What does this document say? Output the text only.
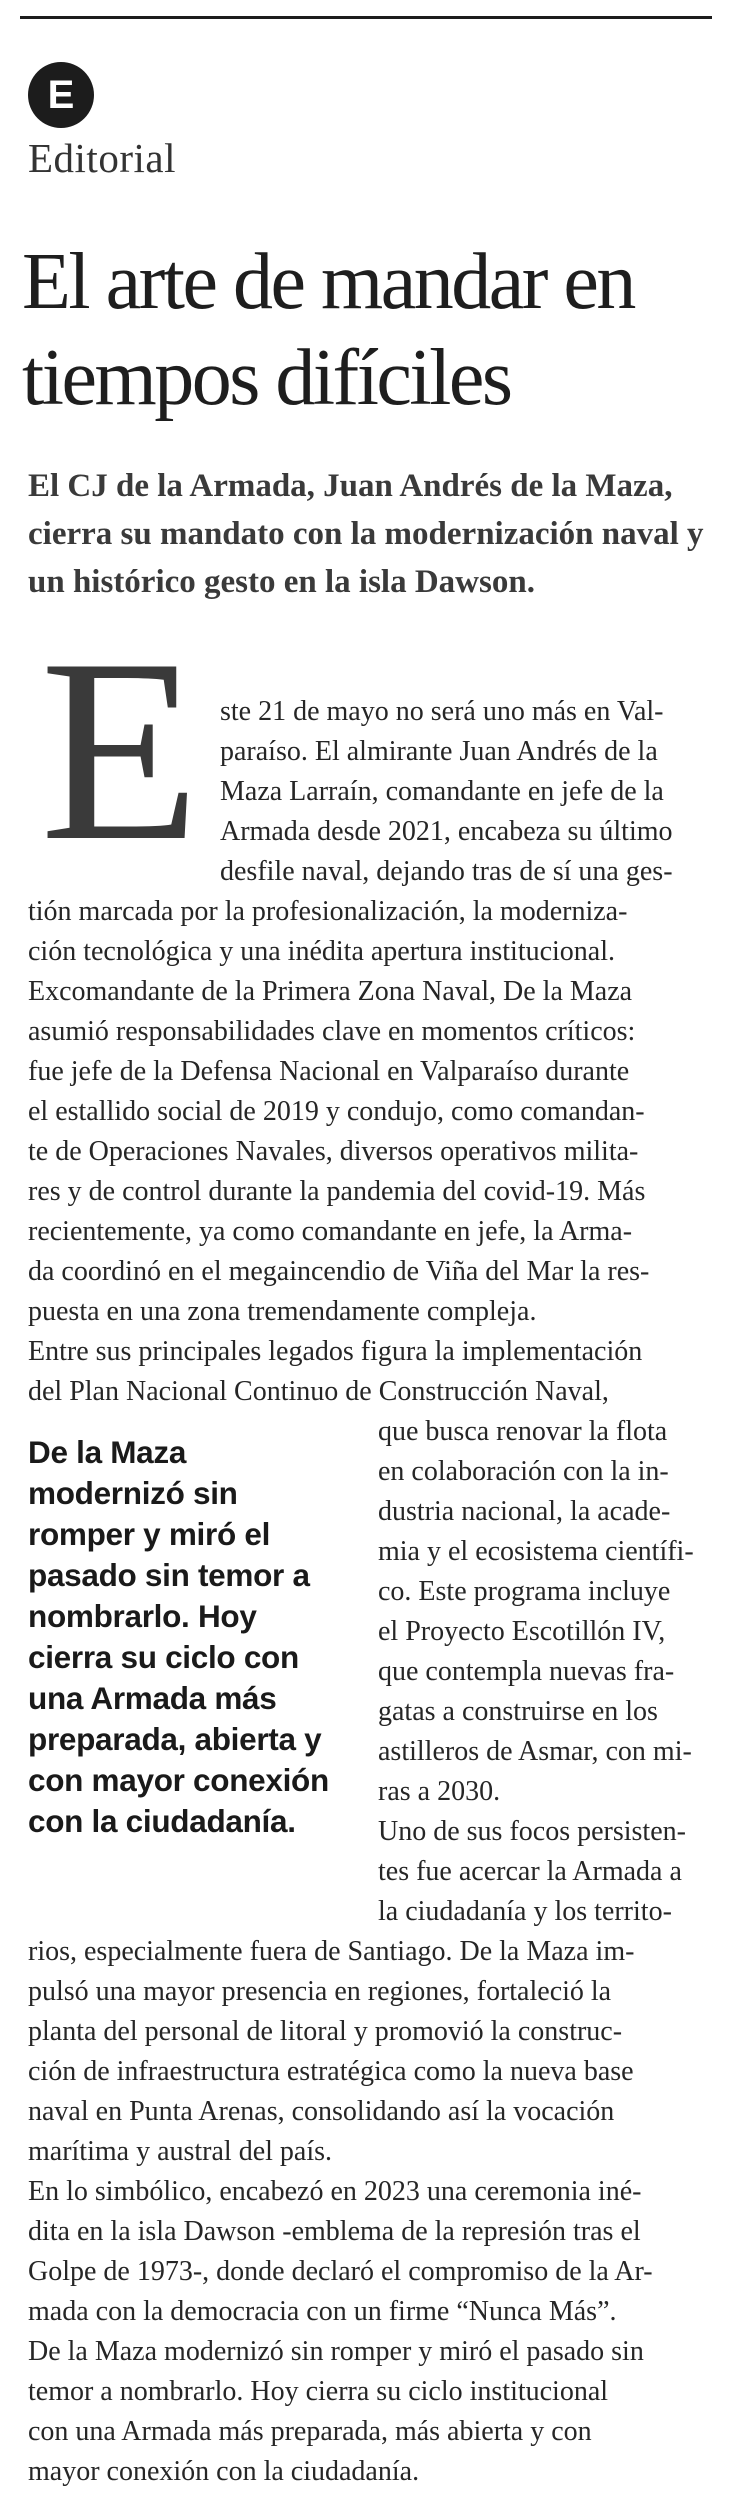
E
Editorial
El arte de mandar en tiempos difíciles

El CJ de la Armada, Juan Andrés de la Maza, cierra su mandato con la modernización naval y un histórico gesto en la isla Dawson.

E ste 21 de mayo no será uno más en Val-
paraíso. El almirante Juan Andrés de la
Maza Larraín, comandante en jefe de la
Armada desde 2021, encabeza su último
desfile naval, dejando tras de sí una ges-
tión marcada por la profesionalización, la moderniza-
ción tecnológica y una inédita apertura institucional.
Excomandante de la Primera Zona Naval, De la Maza
asumió responsabilidades clave en momentos críticos:
fue jefe de la Defensa Nacional en Valparaíso durante
el estallido social de 2019 y condujo, como comandan-
te de Operaciones Navales, diversos operativos milita-
res y de control durante la pandemia del covid-19. Más
recientemente, ya como comandante en jefe, la Arma-
da coordinó en el megaincendio de Viña del Mar la res-
puesta en una zona tremendamente compleja.
Entre sus principales legados figura la implementación
del Plan Nacional Continuo de Construcción Naval,
que busca renovar la flota
en colaboración con la in-
dustria nacional, la acade-
mia y el ecosistema científi-
co. Este programa incluye
el Proyecto Escotillón IV,
que contempla nuevas fra-
gatas a construirse en los
astilleros de Asmar, con mi-
ras a 2030.
Uno de sus focos persisten-
tes fue acercar la Armada a
la ciudadanía y los territo-
rios, especialmente fuera de Santiago. De la Maza im-
pulsó una mayor presencia en regiones, fortaleció la
planta del personal de litoral y promovió la construc-
ción de infraestructura estratégica como la nueva base
naval en Punta Arenas, consolidando así la vocación
marítima y austral del país.
En lo simbólico, encabezó en 2023 una ceremonia iné-
dita en la isla Dawson -emblema de la represión tras el
Golpe de 1973-, donde declaró el compromiso de la Ar-
mada con la democracia con un firme “Nunca Más”.
De la Maza modernizó sin romper y miró el pasado sin
temor a nombrarlo. Hoy cierra su ciclo institucional
con una Armada más preparada, más abierta y con
mayor conexión con la ciudadanía.
De la Maza
modernizó sin
romper y miró el
pasado sin temor a
nombrarlo. Hoy
cierra su ciclo con
una Armada más
preparada, abierta y
con mayor conexión
con la ciudadanía.
